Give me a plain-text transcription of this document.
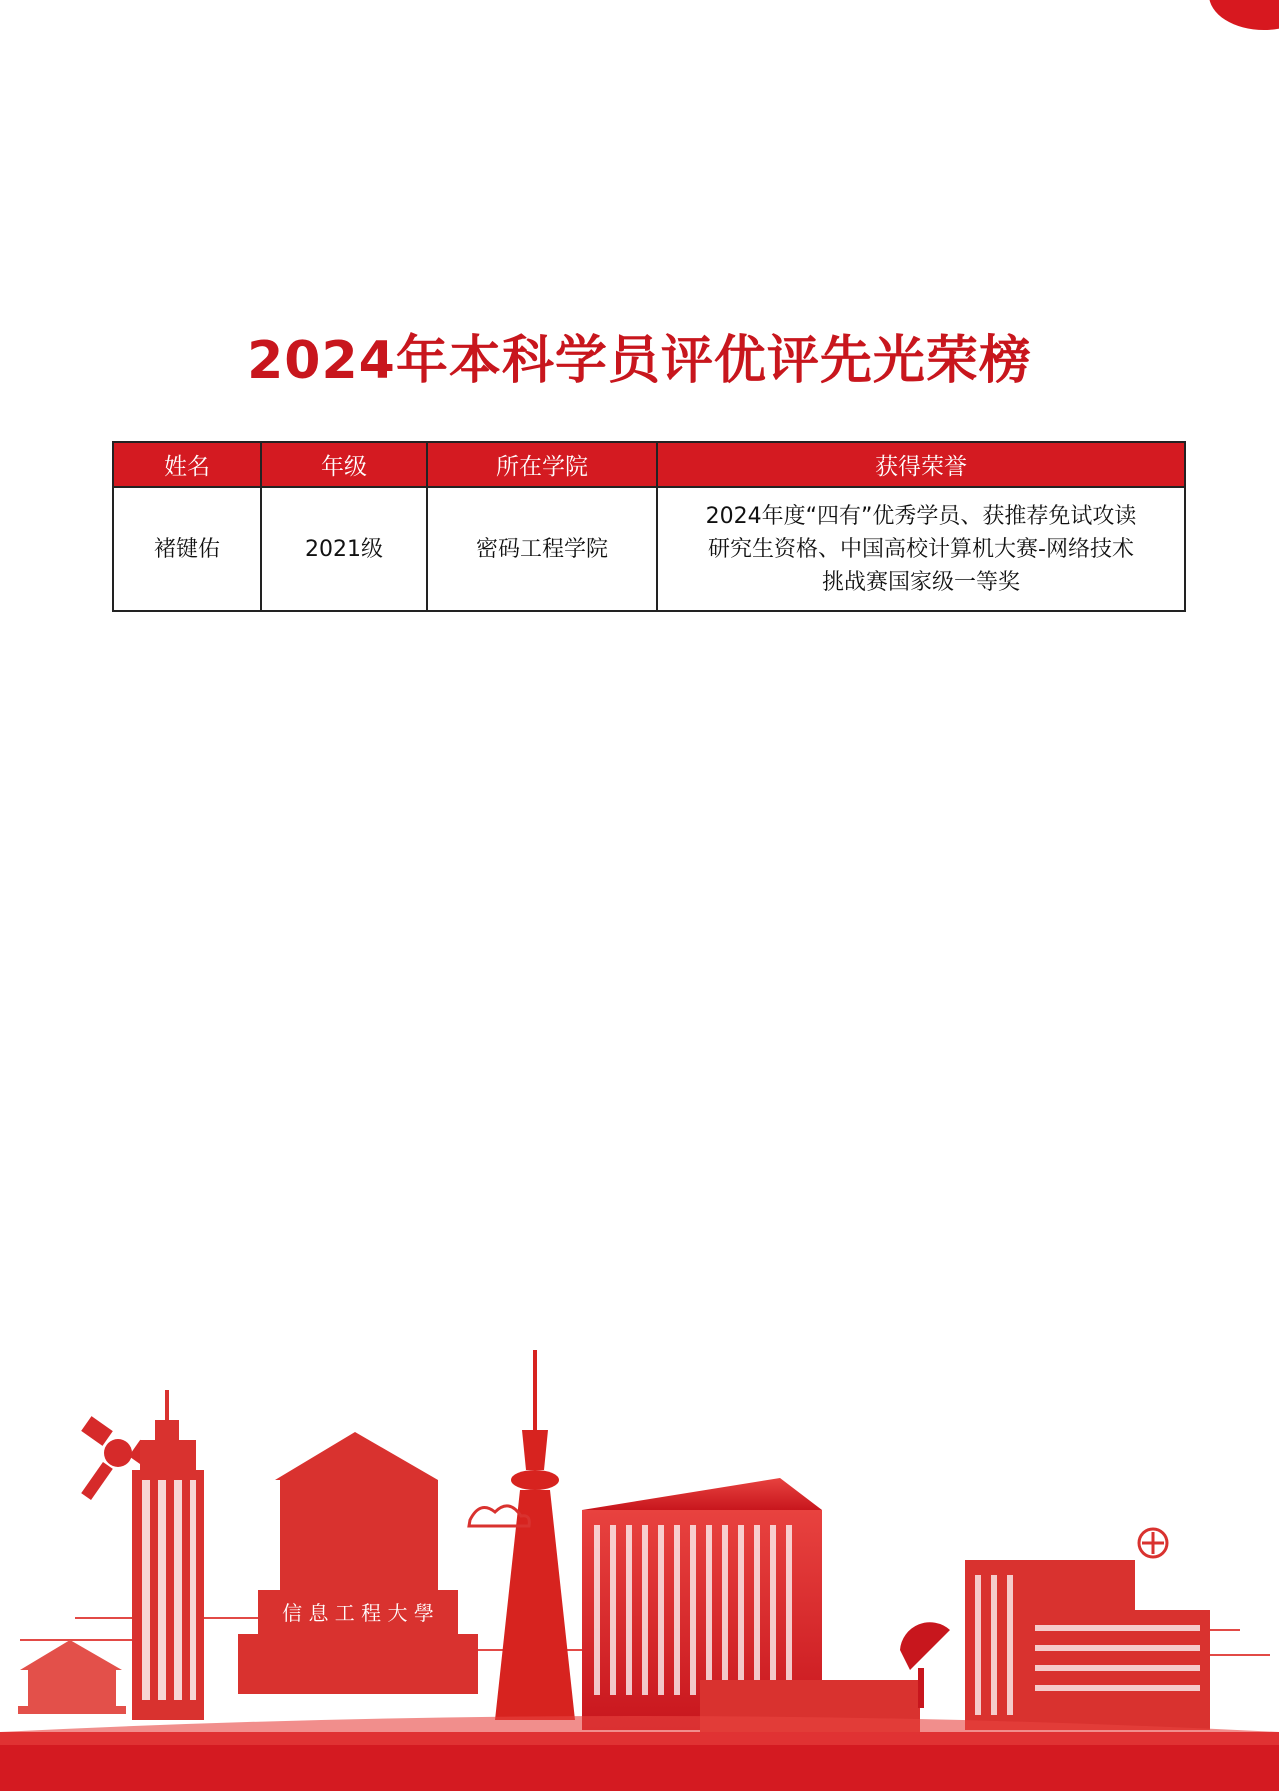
2024年本科学员评优评先光荣榜
姓名	年级	所在学院	获得荣誉
褚键佑	2021级	密码工程学院	2024年度“四有”优秀学员、获推荐免试攻读
研究生资格、中国高校计算机大赛-网络技术
挑战赛国家级一等奖
信 息 工 程 大 學
